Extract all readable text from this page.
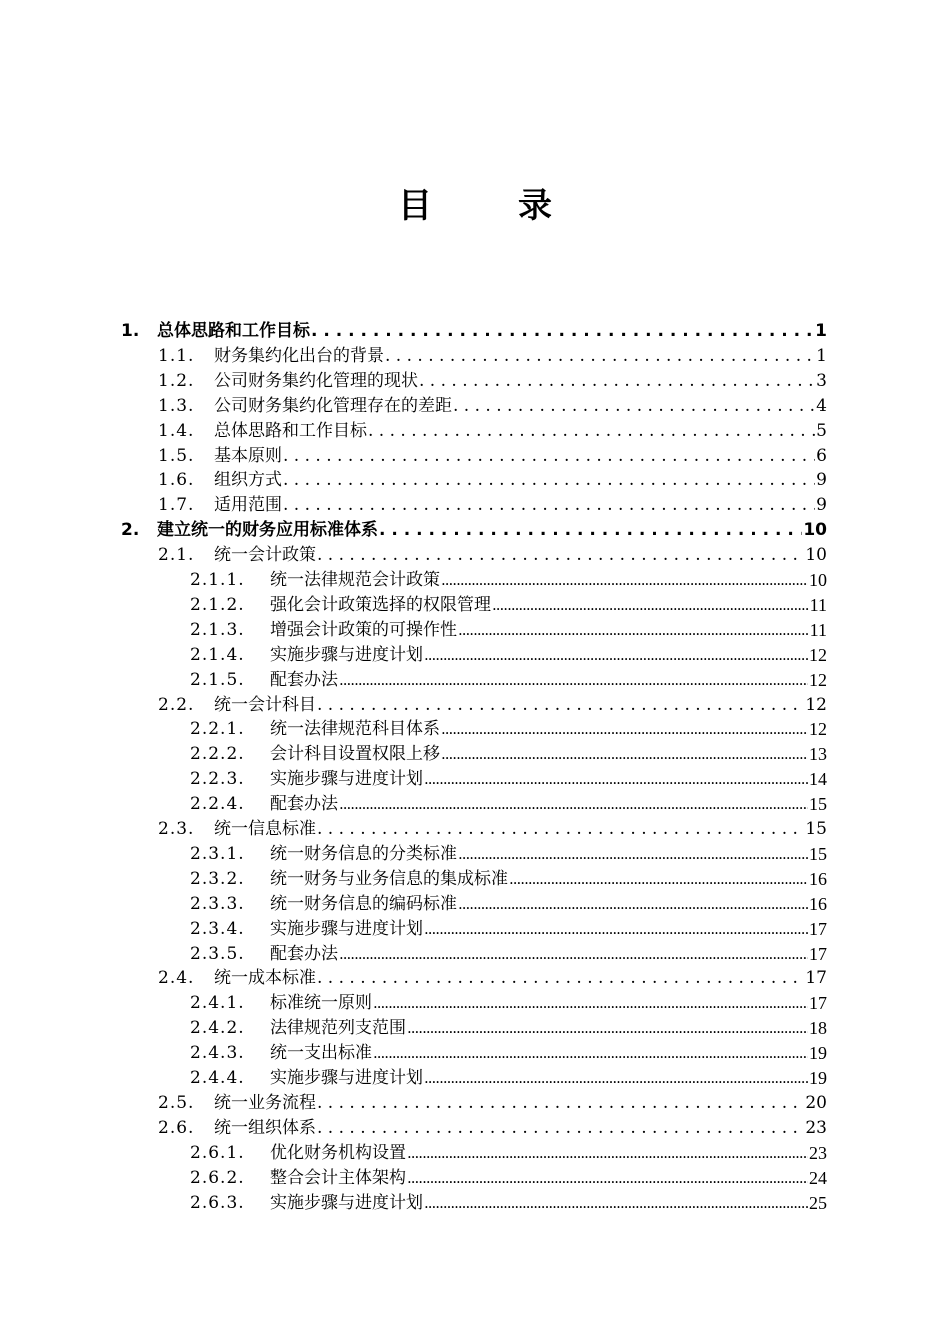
目　录
1.	总体思路和工作目标 . . .	1
1.1.	财务集约化出台的背景 . . .	1
1.2.	公司财务集约化管理的现状 . . .	3
1.3.	公司财务集约化管理存在的差距 . . .	4
1.4.	总体思路和工作目标 . . .	5
1.5.	基本原则 . . .	6
1.6.	组织方式 . . .	9
1.7.	适用范围 . . .	9
2.	建立统一的财务应用标准体系 . . .	10
2.1.	统一会计政策 . . .	10
2.1.1.	统一法律规范会计政策 .....	10
2.1.2.	强化会计政策选择的权限管理 .....	11
2.1.3.	增强会计政策的可操作性 .....	11
2.1.4.	实施步骤与进度计划 .....	12
2.1.5.	配套办法 .....	12
2.2.	统一会计科目 . . .	12
2.2.1.	统一法律规范科目体系 .....	12
2.2.2.	会计科目设置权限上移 .....	13
2.2.3.	实施步骤与进度计划 .....	14
2.2.4.	配套办法 .....	15
2.3.	统一信息标准 . . .	15
2.3.1.	统一财务信息的分类标准 .....	15
2.3.2.	统一财务与业务信息的集成标准 .....	16
2.3.3.	统一财务信息的编码标准 .....	16
2.3.4.	实施步骤与进度计划 .....	17
2.3.5.	配套办法 .....	17
2.4.	统一成本标准 . . .	17
2.4.1.	标准统一原则 .....	17
2.4.2.	法律规范列支范围 .....	18
2.4.3.	统一支出标准 .....	19
2.4.4.	实施步骤与进度计划 .....	19
2.5.	统一业务流程 . . .	20
2.6.	统一组织体系 . . .	23
2.6.1.	优化财务机构设置 .....	23
2.6.2.	整合会计主体架构 .....	24
2.6.3.	实施步骤与进度计划 .....	25
